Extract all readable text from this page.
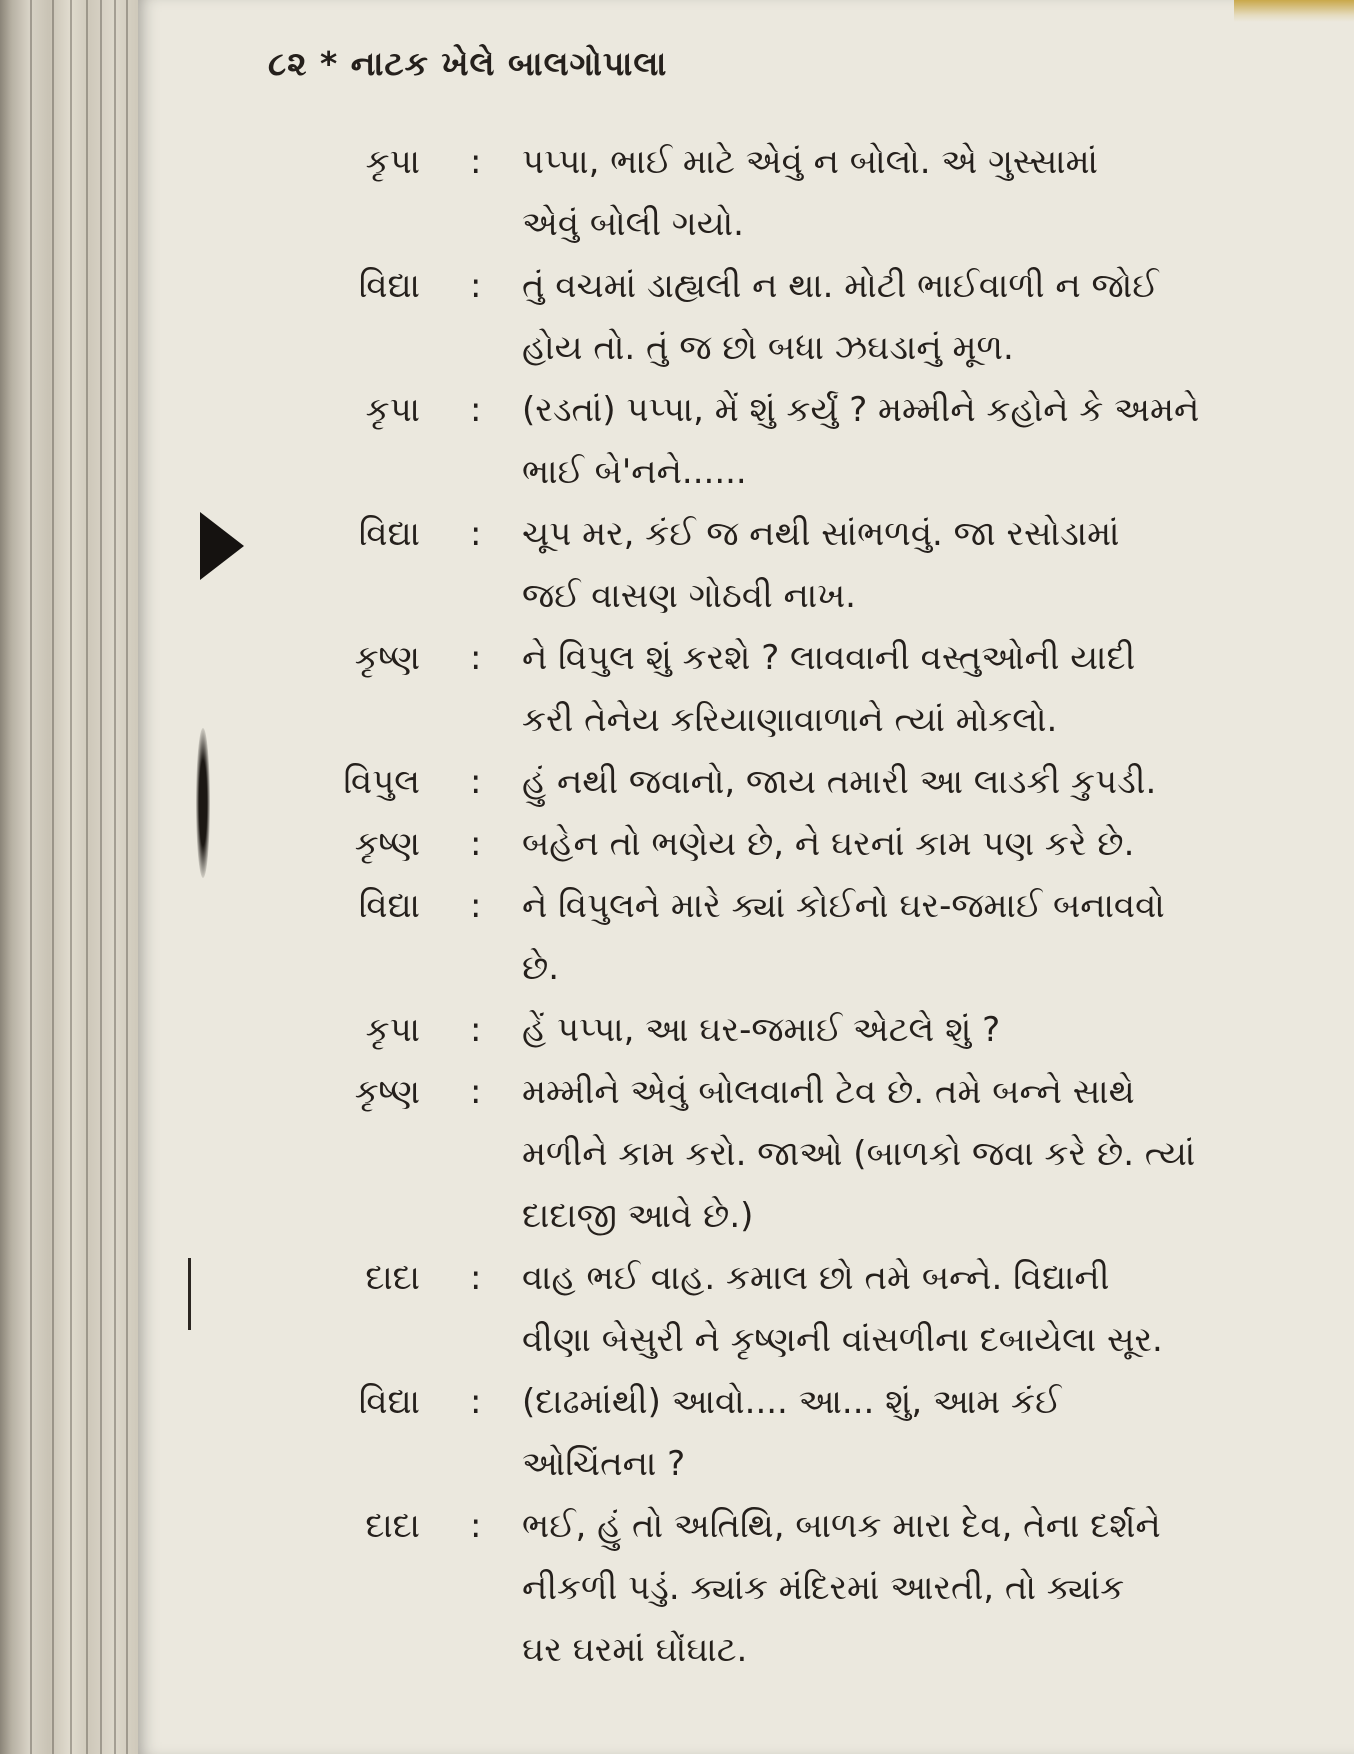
૮૨ * નાટક ખેલે બાલગોપાલા
કૃપા : પપ્પા, ભાઈ માટે એવું ન બોલો. એ ગુસ્સામાં
એવું બોલી ગયો.
વિદ્યા : તું વચમાં ડાહ્યલી ન થા. મોટી ભાઈવાળી ન જોઈ
હોય તો. તું જ છો બધા ઝઘડાનું મૂળ.
કૃપા : (રડતાં) પપ્પા, મેં શું કર્યું ? મમ્મીને કહોને કે અમને
ભાઈ બે'નને......
વિદ્યા : ચૂપ મર, કંઈ જ નથી સાંભળવું. જા રસોડામાં
જઈ વાસણ ગોઠવી નાખ.
કૃષ્ણ : ને વિપુલ શું કરશે ? લાવવાની વસ્તુઓની યાદી
કરી તેનેય કરિયાણાવાળાને ત્યાં મોકલો.
વિપુલ : હું નથી જવાનો, જાય તમારી આ લાડકી કુપડી.
કૃષ્ણ : બહેન તો ભણેય છે, ને ઘરનાં કામ પણ કરે છે.
વિદ્યા : ને વિપુલને મારે ક્યાં કોઈનો ઘર-જમાઈ બનાવવો
છે.
કૃપા : હેં પપ્પા, આ ઘર-જમાઈ એટલે શું ?
કૃષ્ણ : મમ્મીને એવું બોલવાની ટેવ છે. તમે બન્ને સાથે
મળીને કામ કરો. જાઓ (બાળકો જવા કરે છે. ત્યાં
દાદાજી આવે છે.)
દાદા : વાહ ભઈ વાહ. કમાલ છો તમે બન્ને. વિદ્યાની
વીણા બેસુરી ને કૃષ્ણની વાંસળીના દબાયેલા સૂર.
વિદ્યા : (દાઢમાંથી) આવો.... આ... શું, આમ કંઈ
ઓચિંતના ?
દાદા : ભઈ, હું તો અતિથિ, બાળક મારા દેવ, તેના દર્શને
નીકળી પડું. ક્યાંક મંદિરમાં આરતી, તો ક્યાંક
ઘર ઘરમાં ઘોંઘાટ.
